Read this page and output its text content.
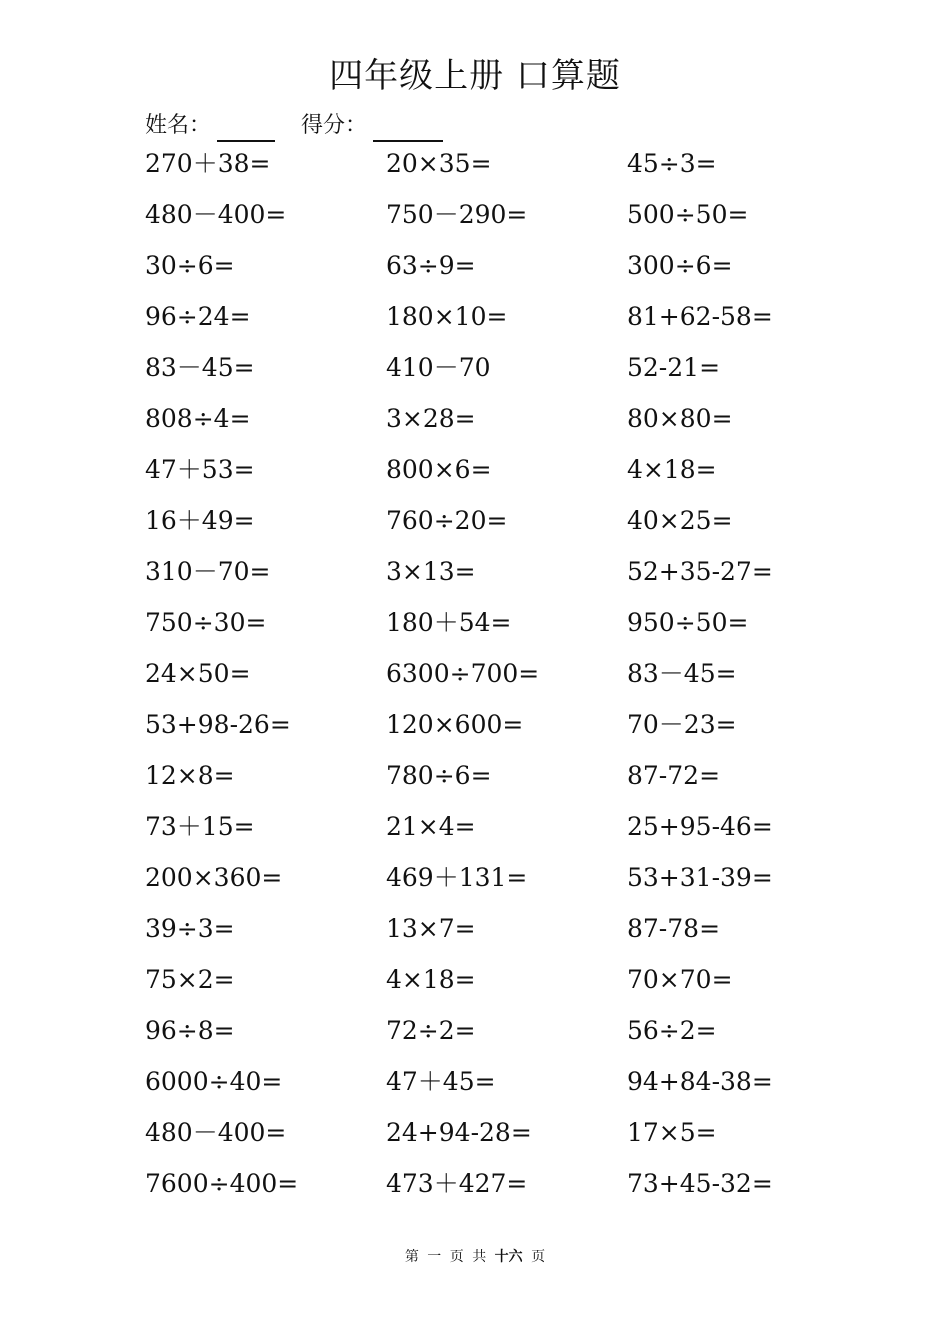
四年级上册 口算题
姓名：	得分：
270＋38=	20×35=	45÷3=
480－400=	750－290=	500÷50=
30÷6=	63÷9=	300÷6=
96÷24=	180×10=	81+62-58=
83－45=	410－70	52-21=
808÷4=	3×28=	80×80=
47＋53=	800×6=	4×18=
16＋49=	760÷20=	40×25=
310－70=	3×13=	52+35-27=
750÷30=	180＋54=	950÷50=
24×50=	6300÷700=	83－45=
53+98-26=	120×600=	70－23=
12×8=	780÷6=	87-72=
73＋15=	21×4=	25+95-46=
200×360=	469＋131=	53+31-39=
39÷3=	13×7=	87-78=
75×2=	4×18=	70×70=
96÷8=	72÷2=	56÷2=
6000÷40=	47＋45=	94+84-38=
480－400=	24+94-28=	17×5=
7600÷400=	473＋427=	73+45-32=
第 一 页 共 十六 页
